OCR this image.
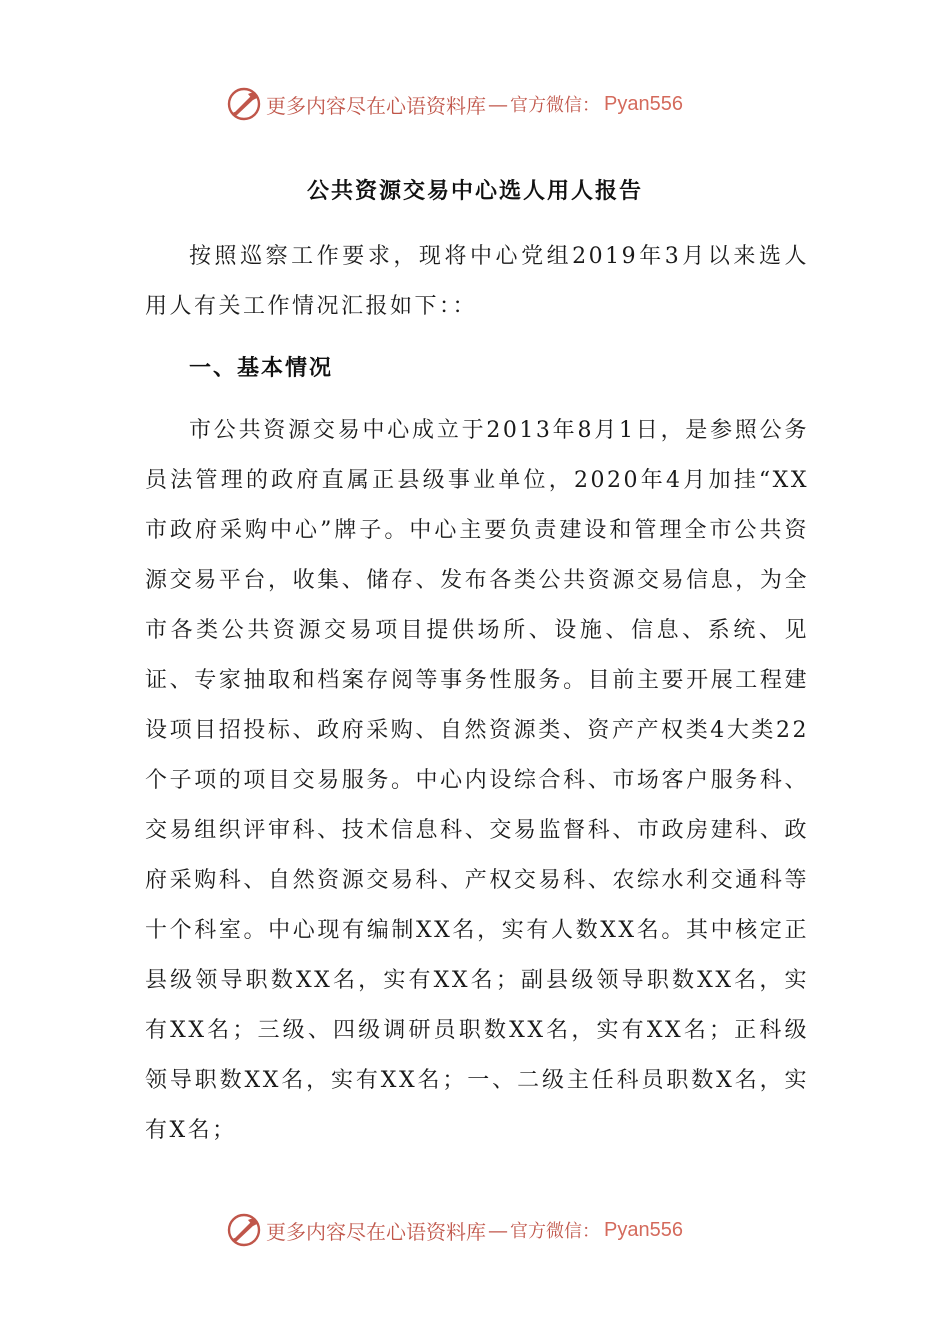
更多内容尽在心语资料库 — 官方微信： Pyan556
公共资源交易中心选人用人报告

按照巡察工作要求，现将中心党组2019年3月以来选人用人有关工作情况汇报如下：：

一、基本情况

市公共资源交易中心成立于2013年8月1日，是参照公务员法管理的政府直属正县级事业单位，2020年4月加挂“XX市政府采购中心”牌子。中心主要负责建设和管理全市公共资源交易平台，收集、储存、发布各类公共资源交易信息，为全市各类公共资源交易项目提供场所、设施、信息、系统、见证、专家抽取和档案存阅等事务性服务。目前主要开展工程建设项目招投标、政府采购、自然资源类、资产产权类4大类22个子项的项目交易服务。中心内设综合科、市场客户服务科、交易组织评审科、技术信息科、交易监督科、市政房建科、政府采购科、自然资源交易科、产权交易科、农综水利交通科等十个科室。中心现有编制XX名，实有人数XX名。其中核定正县级领导职数XX名，实有XX名；副县级领导职数XX名，实有XX名；三级、四级调研员职数XX名，实有XX名；正科级领导职数XX名，实有XX名；一、二级主任科员职数X名，实有X名；

更多内容尽在心语资料库 — 官方微信： Pyan556
